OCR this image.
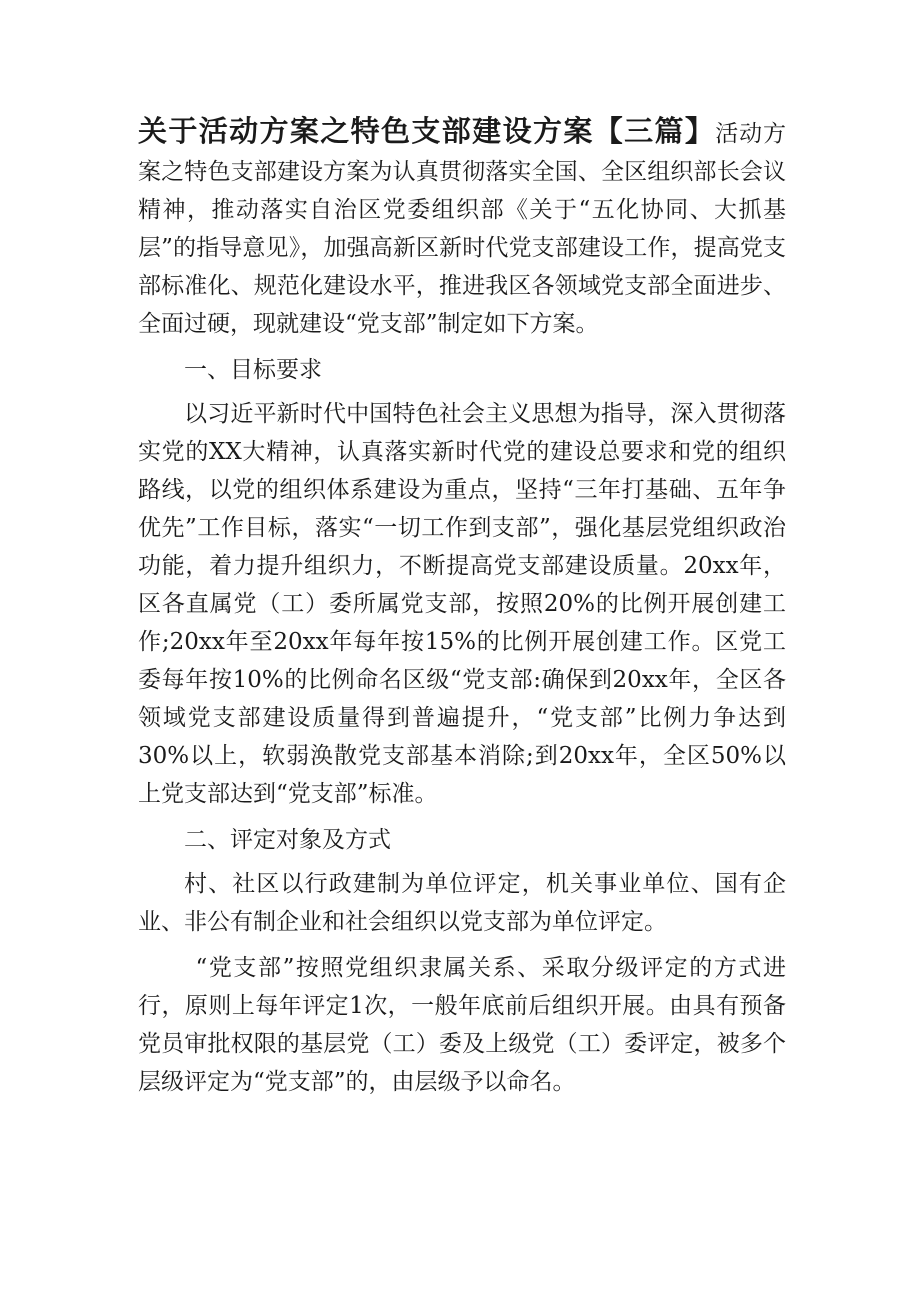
关于活动方案之特色支部建设方案【三篇】活动方案之特色支部建设方案为认真贯彻落实全国、全区组织部长会议精神，推动落实自治区党委组织部《关于“五化协同、大抓基层”的指导意见》，加强高新区新时代党支部建设工作，提高党支部标准化、规范化建设水平，推进我区各领域党支部全面进步、全面过硬，现就建设“党支部”制定如下方案。

一、目标要求

以习近平新时代中国特色社会主义思想为指导，深入贯彻落实党的XX大精神，认真落实新时代党的建设总要求和党的组织路线，以党的组织体系建设为重点，坚持“三年打基础、五年争优先”工作目标，落实“一切工作到支部”，强化基层党组织政治功能，着力提升组织力，不断提高党支部建设质量。20xx年，区各直属党（工）委所属党支部，按照20%的比例开展创建工作;20xx年至20xx年每年按15%的比例开展创建工作。区党工委每年按10%的比例命名区级“党支部:确保到20xx年，全区各领域党支部建设质量得到普遍提升，“党支部”比例力争达到30%以上，软弱涣散党支部基本消除;到20xx年，全区50%以上党支部达到“党支部”标准。

二、评定对象及方式

村、社区以行政建制为单位评定，机关事业单位、国有企业、非公有制企业和社会组织以党支部为单位评定。

“党支部”按照党组织隶属关系、采取分级评定的方式进行，原则上每年评定1次，一般年底前后组织开展。由具有预备党员审批权限的基层党（工）委及上级党（工）委评定，被多个层级评定为“党支部”的，由层级予以命名。
